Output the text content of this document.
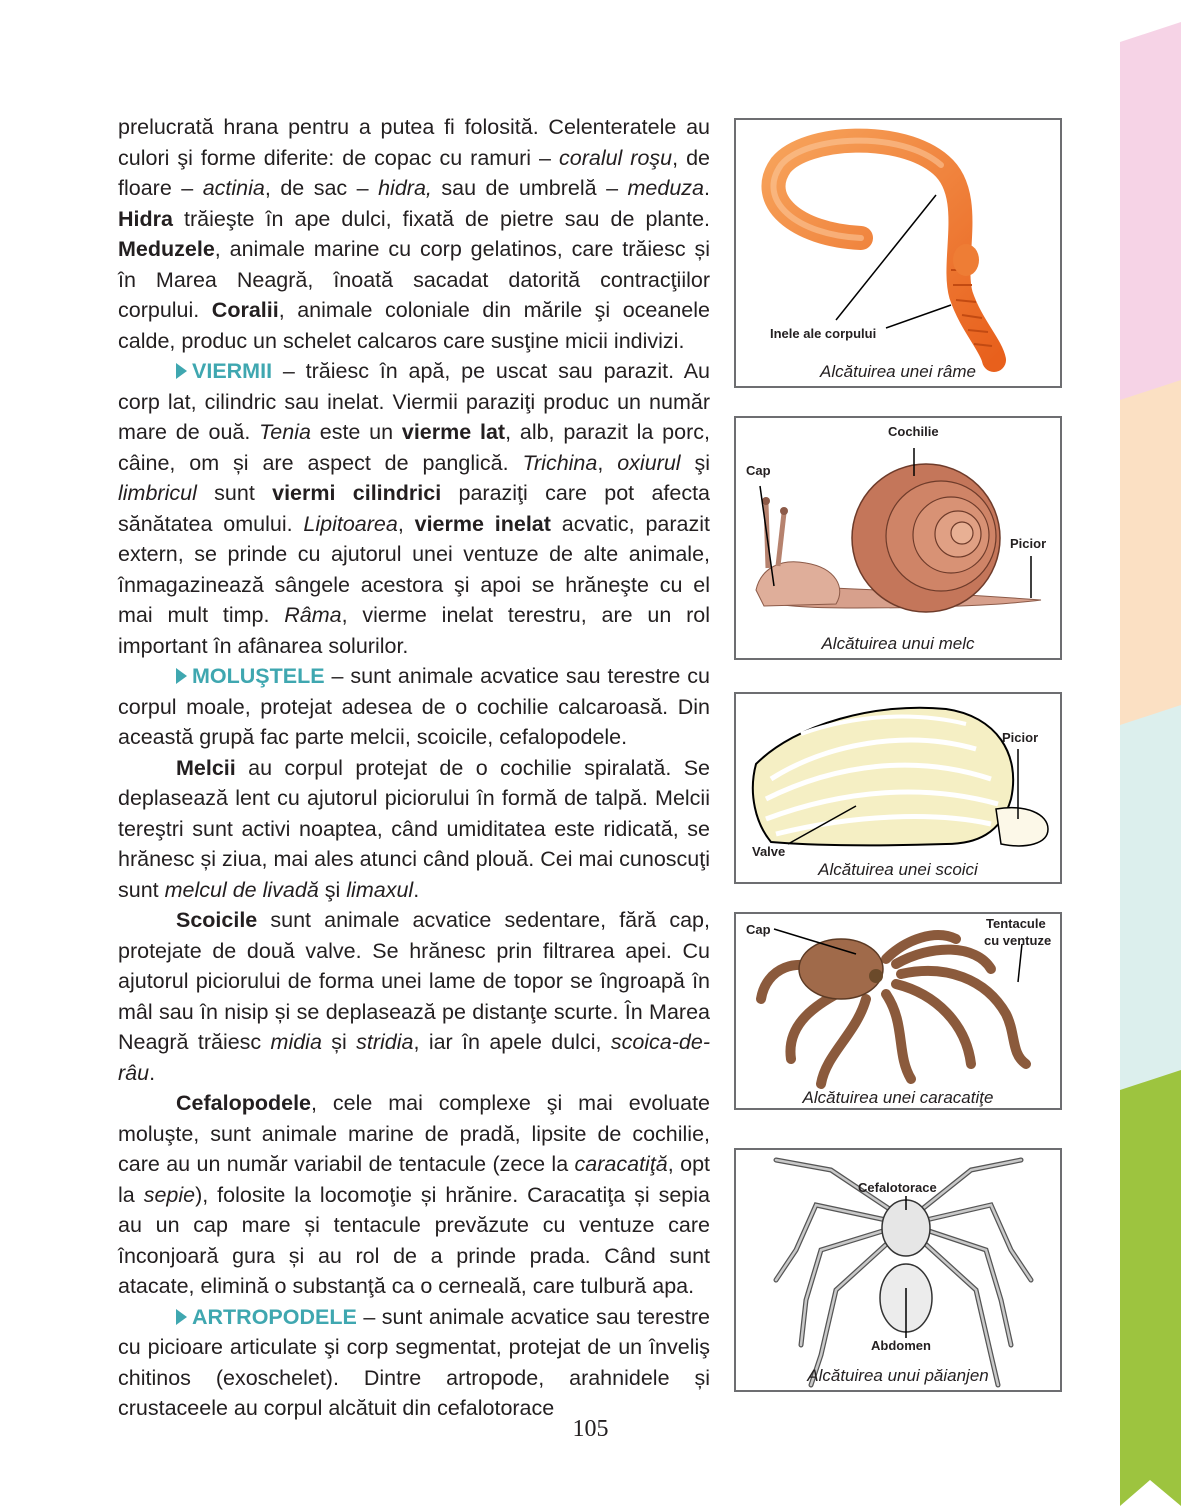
prelucrată hrana pentru a putea fi folosită. Celenteratele au culori şi forme diferite: de copac cu ramuri – coralul roşu, de floare – actinia, de sac – hidra, sau de umbrelă – meduza. Hidra trăieşte în ape dulci, fixată de pietre sau de plante. Meduzele, animale marine cu corp gelatinos, care trăiesc și în Marea Neagră, înoată sacadat datorită contracţiilor corpului. Coralii, animale coloniale din mările şi oceanele calde, produc un schelet calcaros care susţine micii indivizi.

VIERMII – trăiesc în apă, pe uscat sau parazit. Au corp lat, cilindric sau inelat. Viermii paraziţi produc un număr mare de ouă. Tenia este un vierme lat, alb, parazit la porc, câine, om și are aspect de panglică. Trichina, oxiurul şi limbricul sunt viermi cilindrici paraziţi care pot afecta sănătatea omului. Lipitoarea, vierme inelat acvatic, parazit extern, se prinde cu ajutorul unei ventuze de alte animale, înmagazinează sângele acestora şi apoi se hrăneşte cu el mai mult timp. Râma, vierme inelat terestru, are un rol important în afânarea solurilor.

MOLUŞTELE – sunt animale acvatice sau terestre cu corpul moale, protejat adesea de o cochilie calcaroasă. Din această grupă fac parte melcii, scoicile, cefalopodele.

Melcii au corpul protejat de o cochilie spiralată. Se deplasează lent cu ajutorul piciorului în formă de talpă. Melcii tereştri sunt activi noaptea, când umiditatea este ridicată, se hrănesc și ziua, mai ales atunci când plouă. Cei mai cunoscuţi sunt melcul de livadă şi limaxul.

Scoicile sunt animale acvatice sedentare, fără cap, protejate de două valve. Se hrănesc prin filtrarea apei. Cu ajutorul piciorului de forma unei lame de topor se îngroapă în mâl sau în nisip și se deplasează pe distanţe scurte. În Marea Neagră trăiesc midia și stridia, iar în apele dulci, scoica-de-râu.

Cefalopodele, cele mai complexe şi mai evoluate moluşte, sunt animale marine de pradă, lipsite de cochilie, care au un număr variabil de tentacule (zece la caracatiţă, opt la sepie), folosite la locomoţie și hrănire. Caracatiţa și sepia au un cap mare și tentacule prevăzute cu ventuze care înconjoară gura și au rol de a prinde prada. Când sunt atacate, elimină o substanţă ca o cerneală, care tulbură apa.

ARTROPODELE – sunt animale acvatice sau terestre cu picioare articulate şi corp segmentat, protejat de un înveliş chitinos (exoschelet). Dintre artropode, arahnidele și crustaceele au corpul alcătuit din cefalotorace

Inele ale corpului
Alcătuirea unei râme
Cochilie
Cap
Picior
Alcătuirea unui melc
Picior
Valve
Alcătuirea unei scoici
Cap	Tentacule
cu ventuze
Alcătuirea unei caracatiţe
Cefalotorace
Abdomen
Alcătuirea unui păianjen
105
